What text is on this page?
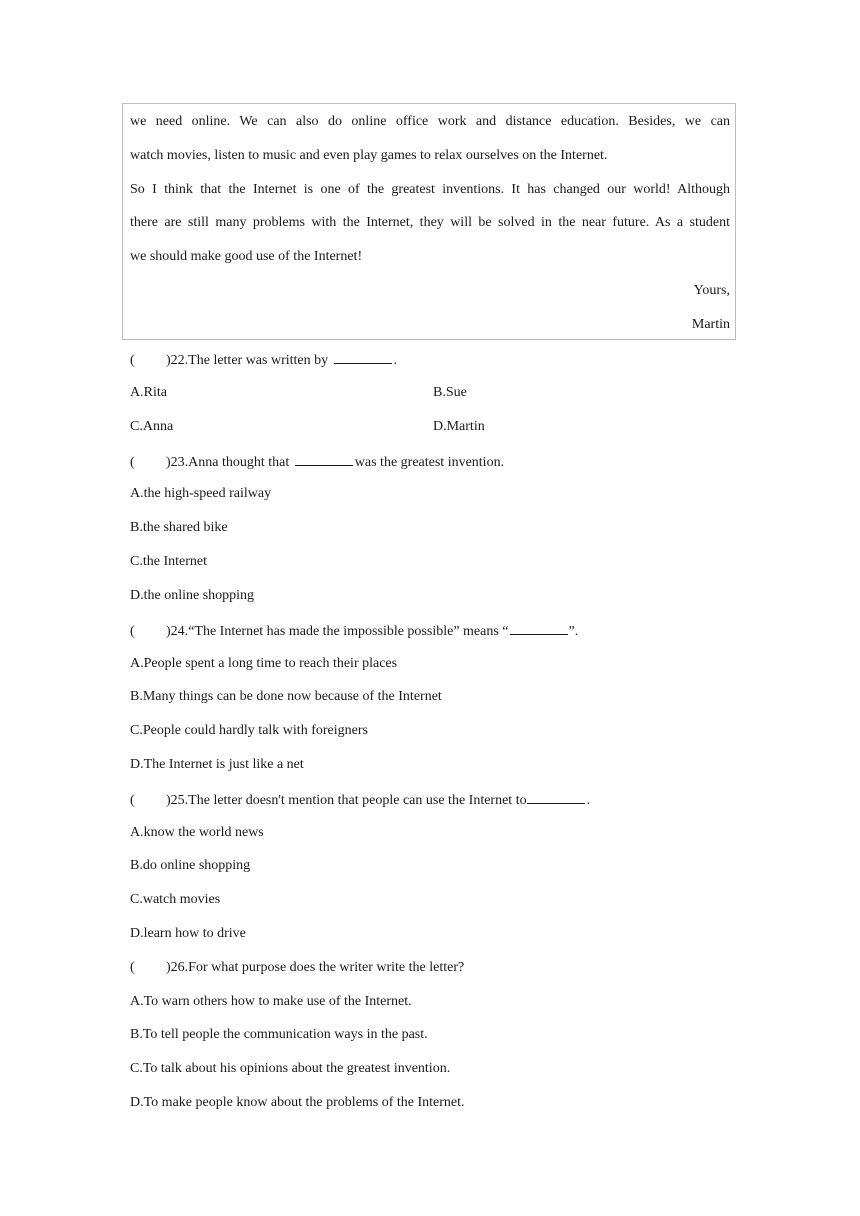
we need online. We can also do online office work and distance education. Besides, we can
watch movies, listen to music and even play games to relax ourselves on the Internet.
So I think that the Internet is one of the greatest inventions. It has changed our world! Although
there are still many problems with the Internet, they will be solved in the near future. As a student
we should make good use of the Internet!
Yours,
Martin
( )22.The letter was written by	.
A.Rita	B.Sue
C.Anna	D.Martin
( )23.Anna thought that	was the greatest invention.
A.the high-speed railway
B.the shared bike
C.the Internet
D.the online shopping
( )24.“The Internet has made the impossible possible” means “	”.
A.People spent a long time to reach their places
B.Many things can be done now because of the Internet
C.People could hardly talk with foreigners
D.The Internet is just like a net
( )25.The letter doesn't mention that people can use the Internet to	.
A.know the world news
B.do online shopping
C.watch movies
D.learn how to drive
( )26.For what purpose does the writer write the letter?
A.To warn others how to make use of the Internet.
B.To tell people the communication ways in the past.
C.To talk about his opinions about the greatest invention.
D.To make people know about the problems of the Internet.
